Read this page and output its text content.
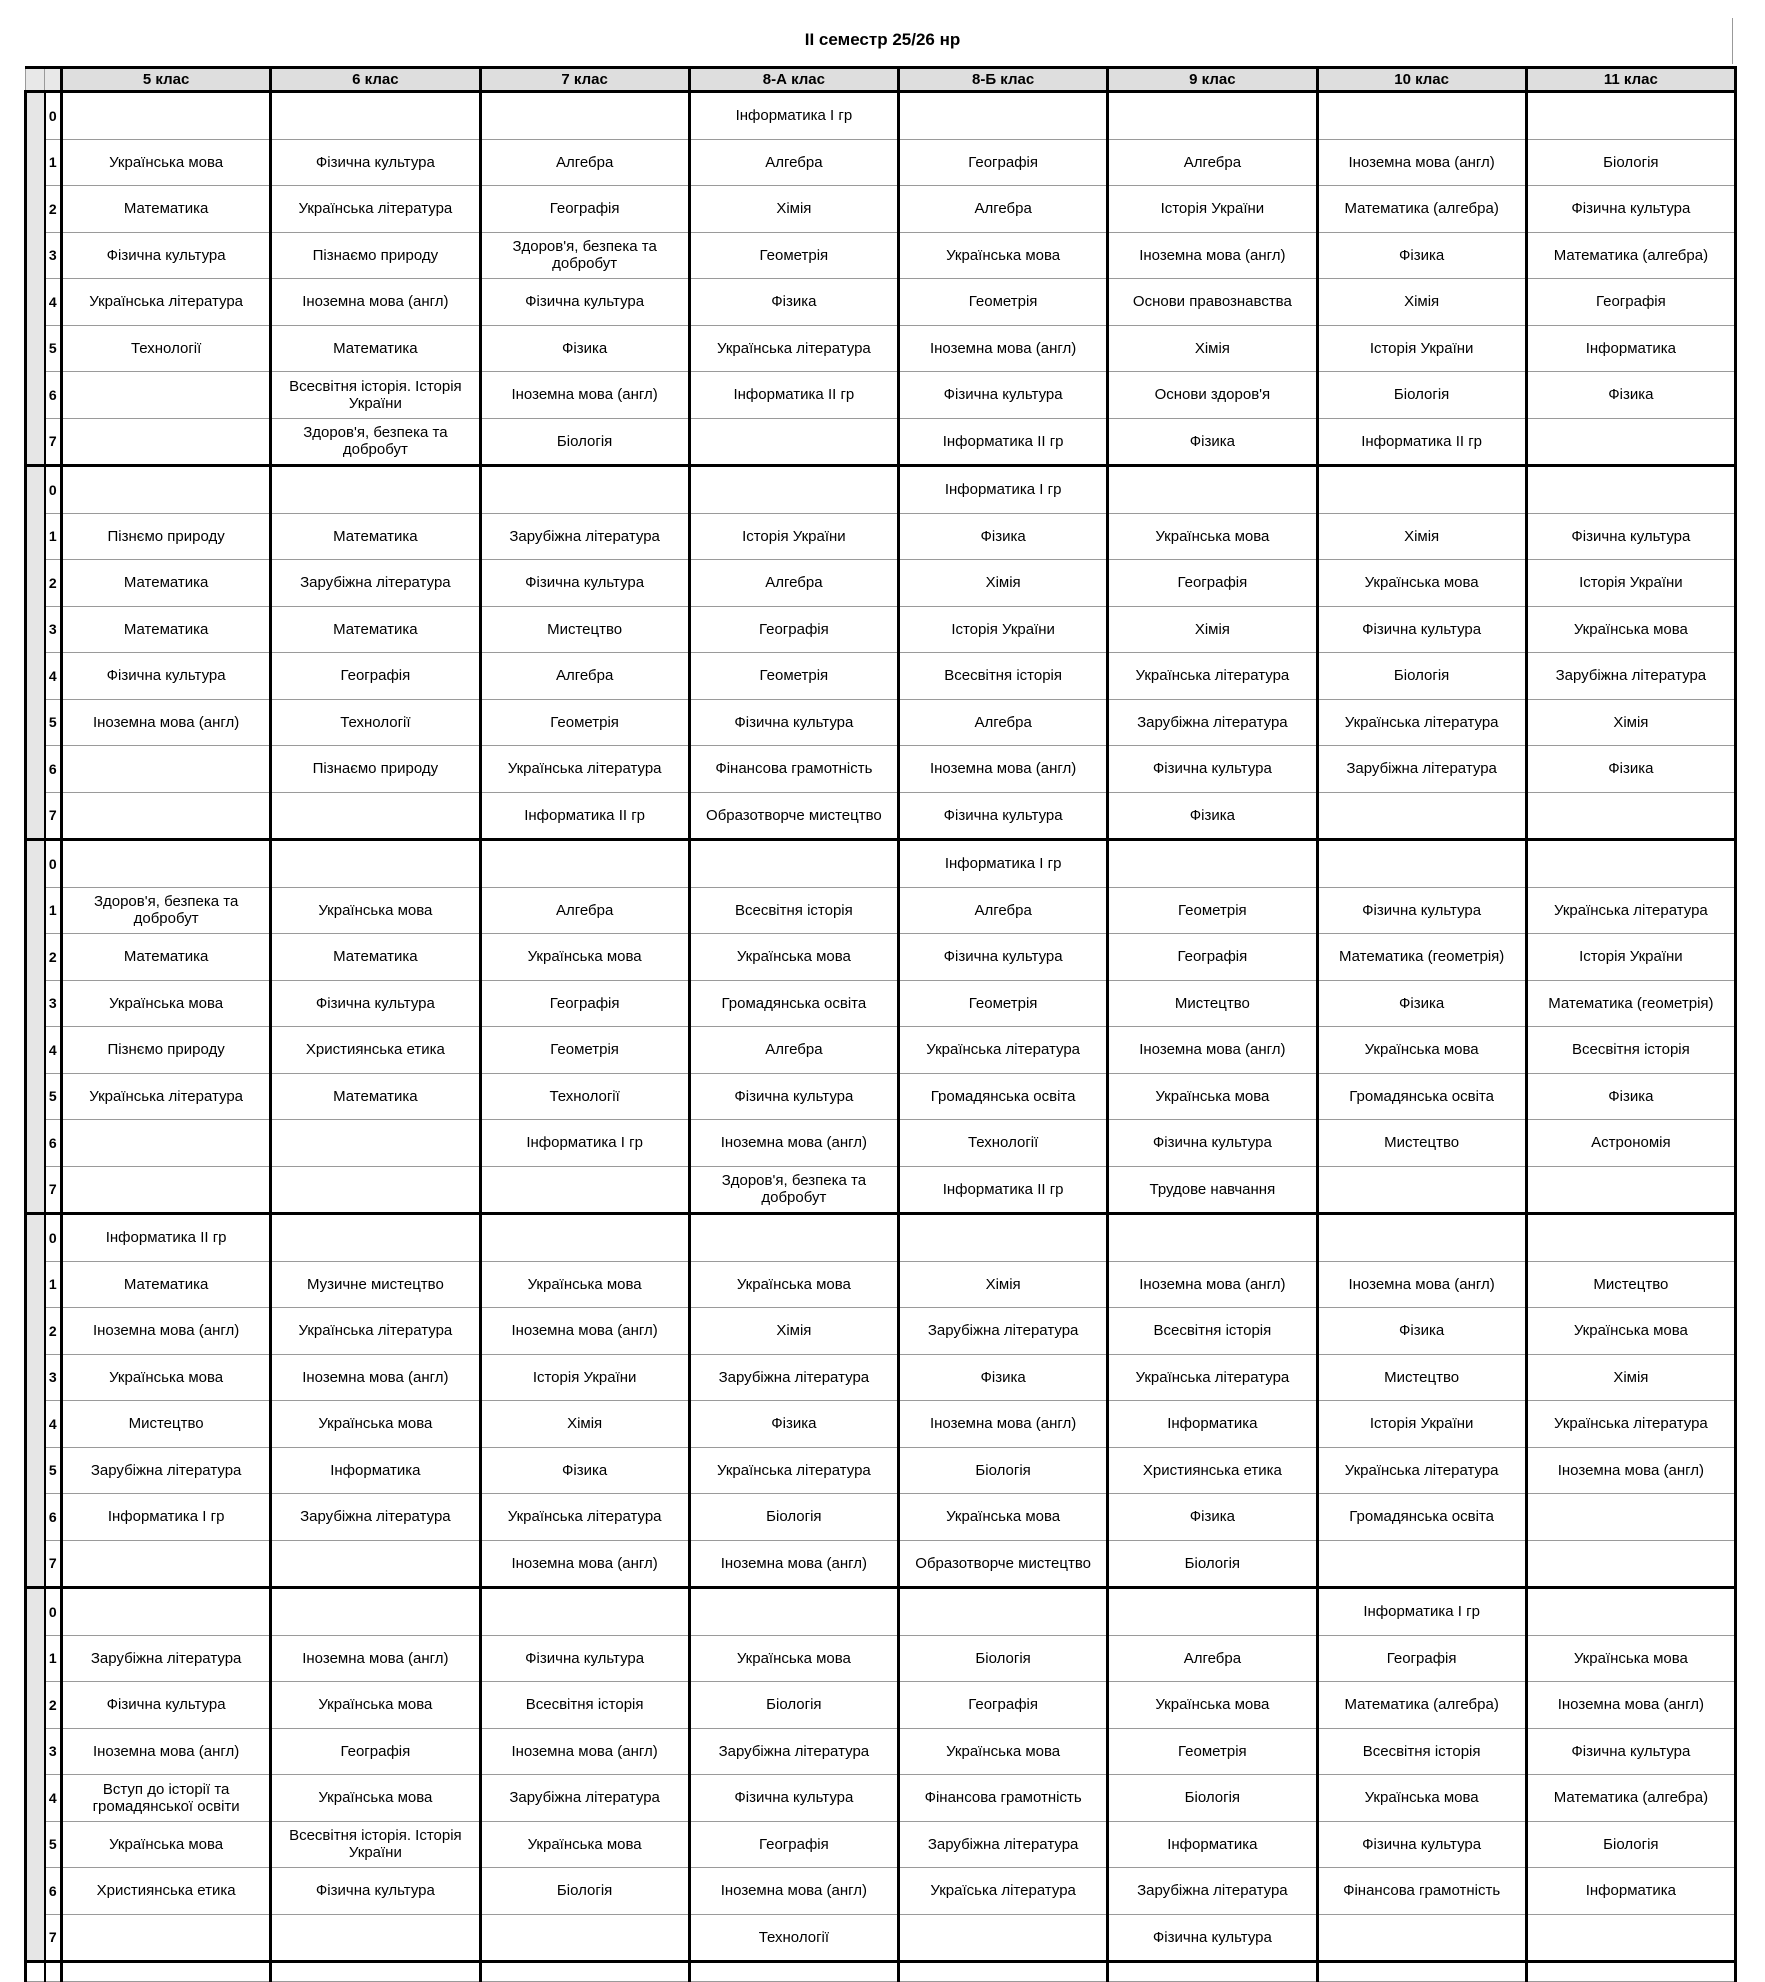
II семестр 25/26 нр
		5 клас	6 клас	7 клас	8-А клас	8-Б клас	9 клас	10 клас	11 клас
	0				Інформатика I гр				
	1	Українська мова	Фізична культура	Алгебра	Алгебра	Географія	Алгебра	Іноземна мова (англ)	Біологія
	2	Математика	Українська література	Географія	Хімія	Алгебра	Історія України	Математика (алгебра)	Фізична культура
	3	Фізична культура	Пізнаємо природу	Здоров'я, безпека та добробут	Геометрія	Українська мова	Іноземна мова (англ)	Фізика	Математика (алгебра)
	4	Українська література	Іноземна мова (англ)	Фізична культура	Фізика	Геометрія	Основи правознавства	Хімія	Географія
	5	Технології	Математика	Фізика	Українська література	Іноземна мова (англ)	Хімія	Історія України	Інформатика
	6		Всесвітня історія. Історія України	Іноземна мова (англ)	Інформатика II гр	Фізична культура	Основи здоров'я	Біологія	Фізика
	7		Здоров'я, безпека та добробут	Біологія		Інформатика II гр	Фізика	Інформатика II гр	
	0					Інформатика I гр			
	1	Пізнємо природу	Математика	Зарубіжна література	Історія України	Фізика	Українська мова	Хімія	Фізична культура
	2	Математика	Зарубіжна література	Фізична культура	Алгебра	Хімія	Географія	Українська мова	Історія України
	3	Математика	Математика	Мистецтво	Географія	Історія України	Хімія	Фізична культура	Українська мова
	4	Фізична культура	Географія	Алгебра	Геометрія	Всесвітня історія	Українська література	Біологія	Зарубіжна література
	5	Іноземна мова (англ)	Технології	Геометрія	Фізична культура	Алгебра	Зарубіжна література	Українська література	Хімія
	6		Пізнаємо природу	Українська література	Фінансова грамотність	Іноземна мова (англ)	Фізична культура	Зарубіжна література	Фізика
	7			Інформатика II гр	Образотворче мистецтво	Фізична культура	Фізика		
	0					Інформатика I гр			
	1	Здоров'я, безпека та добробут	Українська мова	Алгебра	Всесвітня історія	Алгебра	Геометрія	Фізична культура	Українська література
	2	Математика	Математика	Українська мова	Українська мова	Фізична культура	Географія	Математика (геометрія)	Історія України
	3	Українська мова	Фізична культура	Географія	Громадянська освіта	Геометрія	Мистецтво	Фізика	Математика (геометрія)
	4	Пізнємо природу	Християнська етика	Геометрія	Алгебра	Українська література	Іноземна мова (англ)	Українська мова	Всесвітня історія
	5	Українська література	Математика	Технології	Фізична культура	Громадянська освіта	Українська мова	Громадянська освіта	Фізика
	6			Інформатика I гр	Іноземна мова (англ)	Технології	Фізична культура	Мистецтво	Астрономія
	7				Здоров'я, безпека та добробут	Інформатика II гр	Трудове навчання		
	0	Інформатика II гр							
	1	Математика	Музичне мистецтво	Українська мова	Українська мова	Хімія	Іноземна мова (англ)	Іноземна мова (англ)	Мистецтво
	2	Іноземна мова (англ)	Українська література	Іноземна мова (англ)	Хімія	Зарубіжна література	Всесвітня історія	Фізика	Українська мова
	3	Українська мова	Іноземна мова (англ)	Історія України	Зарубіжна література	Фізика	Українська література	Мистецтво	Хімія
	4	Мистецтво	Українська мова	Хімія	Фізика	Іноземна мова (англ)	Інформатика	Історія України	Українська література
	5	Зарубіжна література	Інформатика	Фізика	Українська література	Біологія	Християнська етика	Українська література	Іноземна мова (англ)
	6	Інформатика I гр	Зарубіжна література	Українська література	Біологія	Українська мова	Фізика	Громадянська освіта	
	7			Іноземна мова (англ)	Іноземна мова (англ)	Образотворче мистецтво	Біологія		
	0							Інформатика I гр	
	1	Зарубіжна література	Іноземна мова (англ)	Фізична культура	Українська мова	Біологія	Алгебра	Географія	Українська мова
	2	Фізична культура	Українська мова	Всесвітня історія	Біологія	Географія	Українська мова	Математика (алгебра)	Іноземна мова (англ)
	3	Іноземна мова (англ)	Географія	Іноземна мова (англ)	Зарубіжна література	Українська мова	Геометрія	Всесвітня історія	Фізична культура
	4	Вступ до історії та громадянської освіти	Українська мова	Зарубіжна література	Фізична культура	Фінансова грамотність	Біологія	Українська мова	Математика (алгебра)
	5	Українська мова	Всесвітня історія. Історія України	Українська мова	Географія	Зарубіжна література	Інформатика	Фізична культура	Біологія
	6	Християнська етика	Фізична культура	Біологія	Іноземна мова (англ)	Україська література	Зарубіжна література	Фінансова грамотність	Інформатика
	7				Технології		Фізична культура		
